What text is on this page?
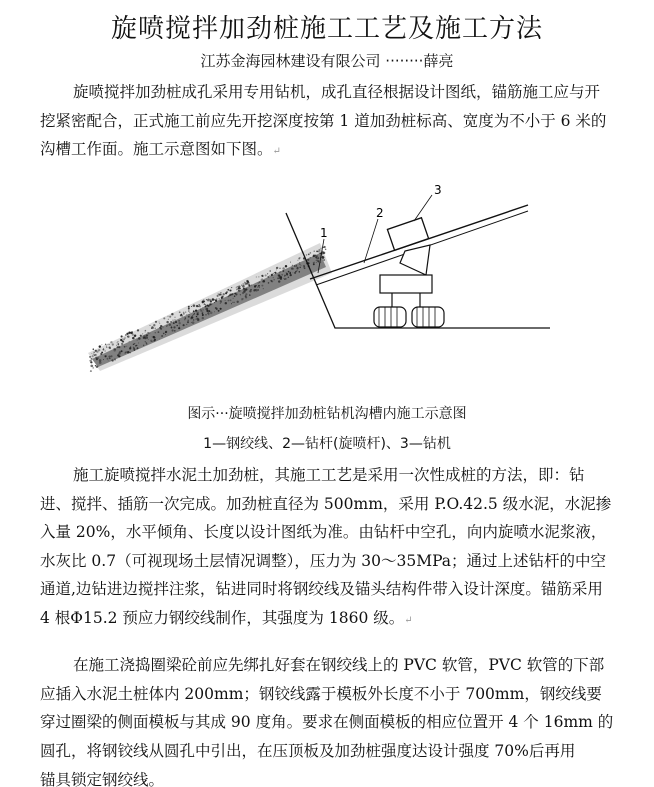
旋喷搅拌加劲桩施工工艺及施工方法
江苏金海园林建设有限公司 ········薛亮

旋喷搅拌加劲桩成孔采用专用钻机，成孔直径根据设计图纸，锚筋施工应与开挖紧密配合，正式施工前应先开挖深度按第 1 道加劲桩标高、宽度为不小于 6 米的沟槽工作面。施工示意图如下图。↵

1
2
3
图示···旋喷搅拌加劲桩钻机沟槽内施工示意图
1—钢绞线、2—钻杆(旋喷杆)、3—钻机

施工旋喷搅拌水泥土加劲桩，其施工工艺是采用一次性成桩的方法，即：钻进、搅拌、插筋一次完成。加劲桩直径为 500mm，采用 P.O.42.5 级水泥，水泥掺入量 20%，水平倾角、长度以设计图纸为准。由钻杆中空孔，向内旋喷水泥浆液，水灰比 0.7（可视现场土层情况调整），压力为 30～35MPa；通过上述钻杆的中空通道,边钻进边搅拌注浆，钻进同时将钢绞线及锚头结构件带入设计深度。锚筋采用 4 根Φ15.2 预应力钢绞线制作，其强度为 1860 级。↵

在施工浇捣圈梁砼前应先绑扎好套在钢绞线上的 PVC 软管，PVC 软管的下部应插入水泥土桩体内 200mm；钢铰线露于模板外长度不小于 700mm，钢绞线要穿过圈梁的侧面模板与其成 90 度角。要求在侧面模板的相应位置开 4 个 16mm 的圆孔，将钢铰线从圆孔中引出，在压顶板及加劲桩强度达设计强度 70%后再用

锚具锁定钢绞线。
